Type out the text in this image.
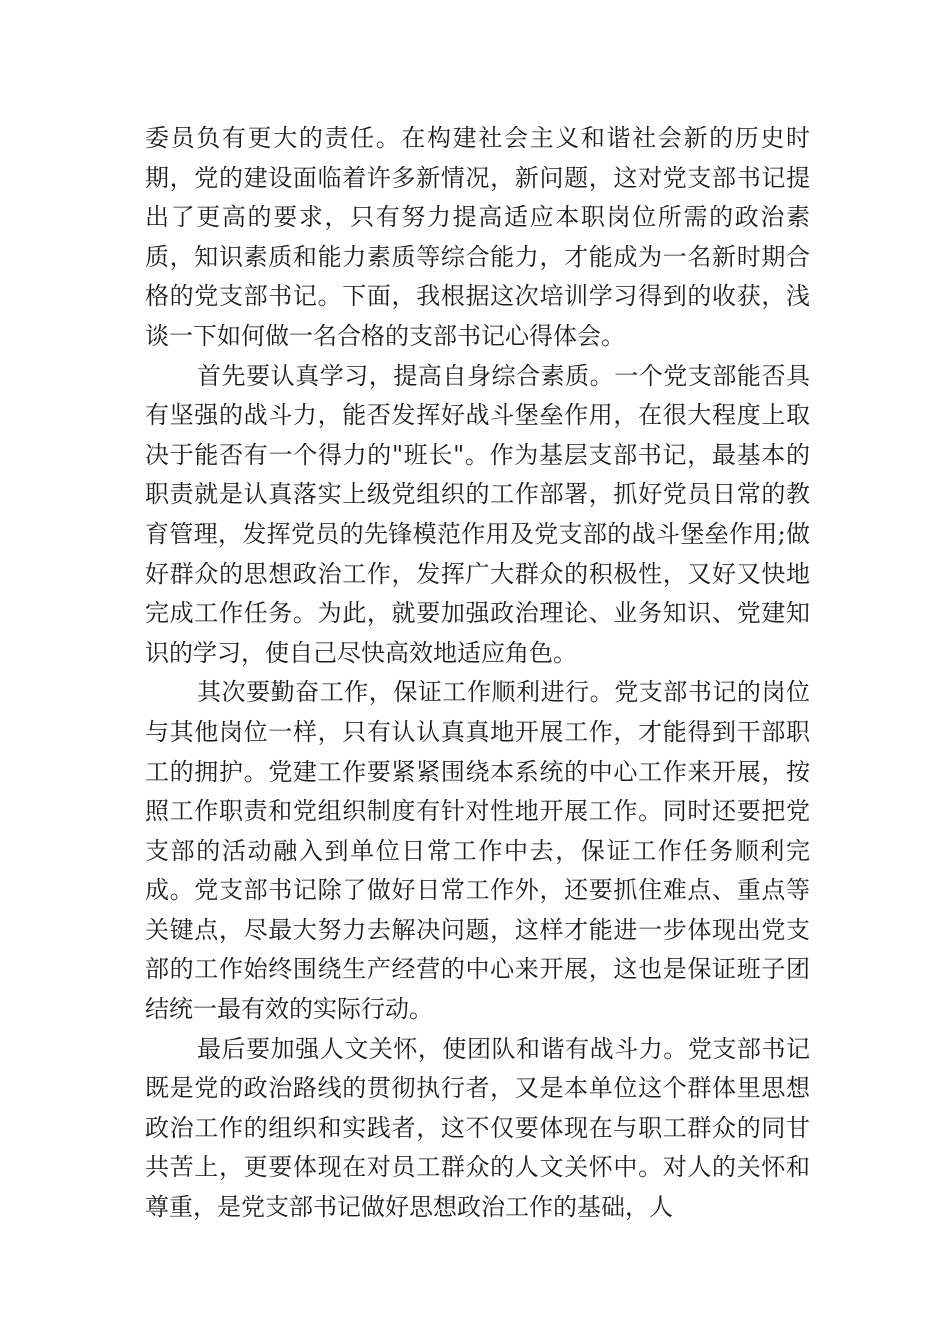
委员负有更大的责任。在构建社会主义和谐社会新的历史时期，党的建设面临着许多新情况，新问题，这对党支部书记提出了更高的要求，只有努力提高适应本职岗位所需的政治素质，知识素质和能力素质等综合能力，才能成为一名新时期合格的党支部书记。下面，我根据这次培训学习得到的收获，浅谈一下如何做一名合格的支部书记心得体会。

首先要认真学习，提高自身综合素质。一个党支部能否具有坚强的战斗力，能否发挥好战斗堡垒作用，在很大程度上取决于能否有一个得力的"班长"。作为基层支部书记，最基本的职责就是认真落实上级党组织的工作部署，抓好党员日常的教育管理，发挥党员的先锋模范作用及党支部的战斗堡垒作用;做好群众的思想政治工作，发挥广大群众的积极性，又好又快地完成工作任务。为此，就要加强政治理论、业务知识、党建知识的学习，使自己尽快高效地适应角色。

其次要勤奋工作，保证工作顺利进行。党支部书记的岗位与其他岗位一样，只有认认真真地开展工作，才能得到干部职工的拥护。党建工作要紧紧围绕本系统的中心工作来开展，按照工作职责和党组织制度有针对性地开展工作。同时还要把党支部的活动融入到单位日常工作中去，保证工作任务顺利完成。党支部书记除了做好日常工作外，还要抓住难点、重点等关键点，尽最大努力去解决问题，这样才能进一步体现出党支部的工作始终围绕生产经营的中心来开展，这也是保证班子团结统一最有效的实际行动。

最后要加强人文关怀，使团队和谐有战斗力。党支部书记既是党的政治路线的贯彻执行者，又是本单位这个群体里思想政治工作的组织和实践者，这不仅要体现在与职工群众的同甘共苦上，更要体现在对员工群众的人文关怀中。对人的关怀和尊重，是党支部书记做好思想政治工作的基础，人
